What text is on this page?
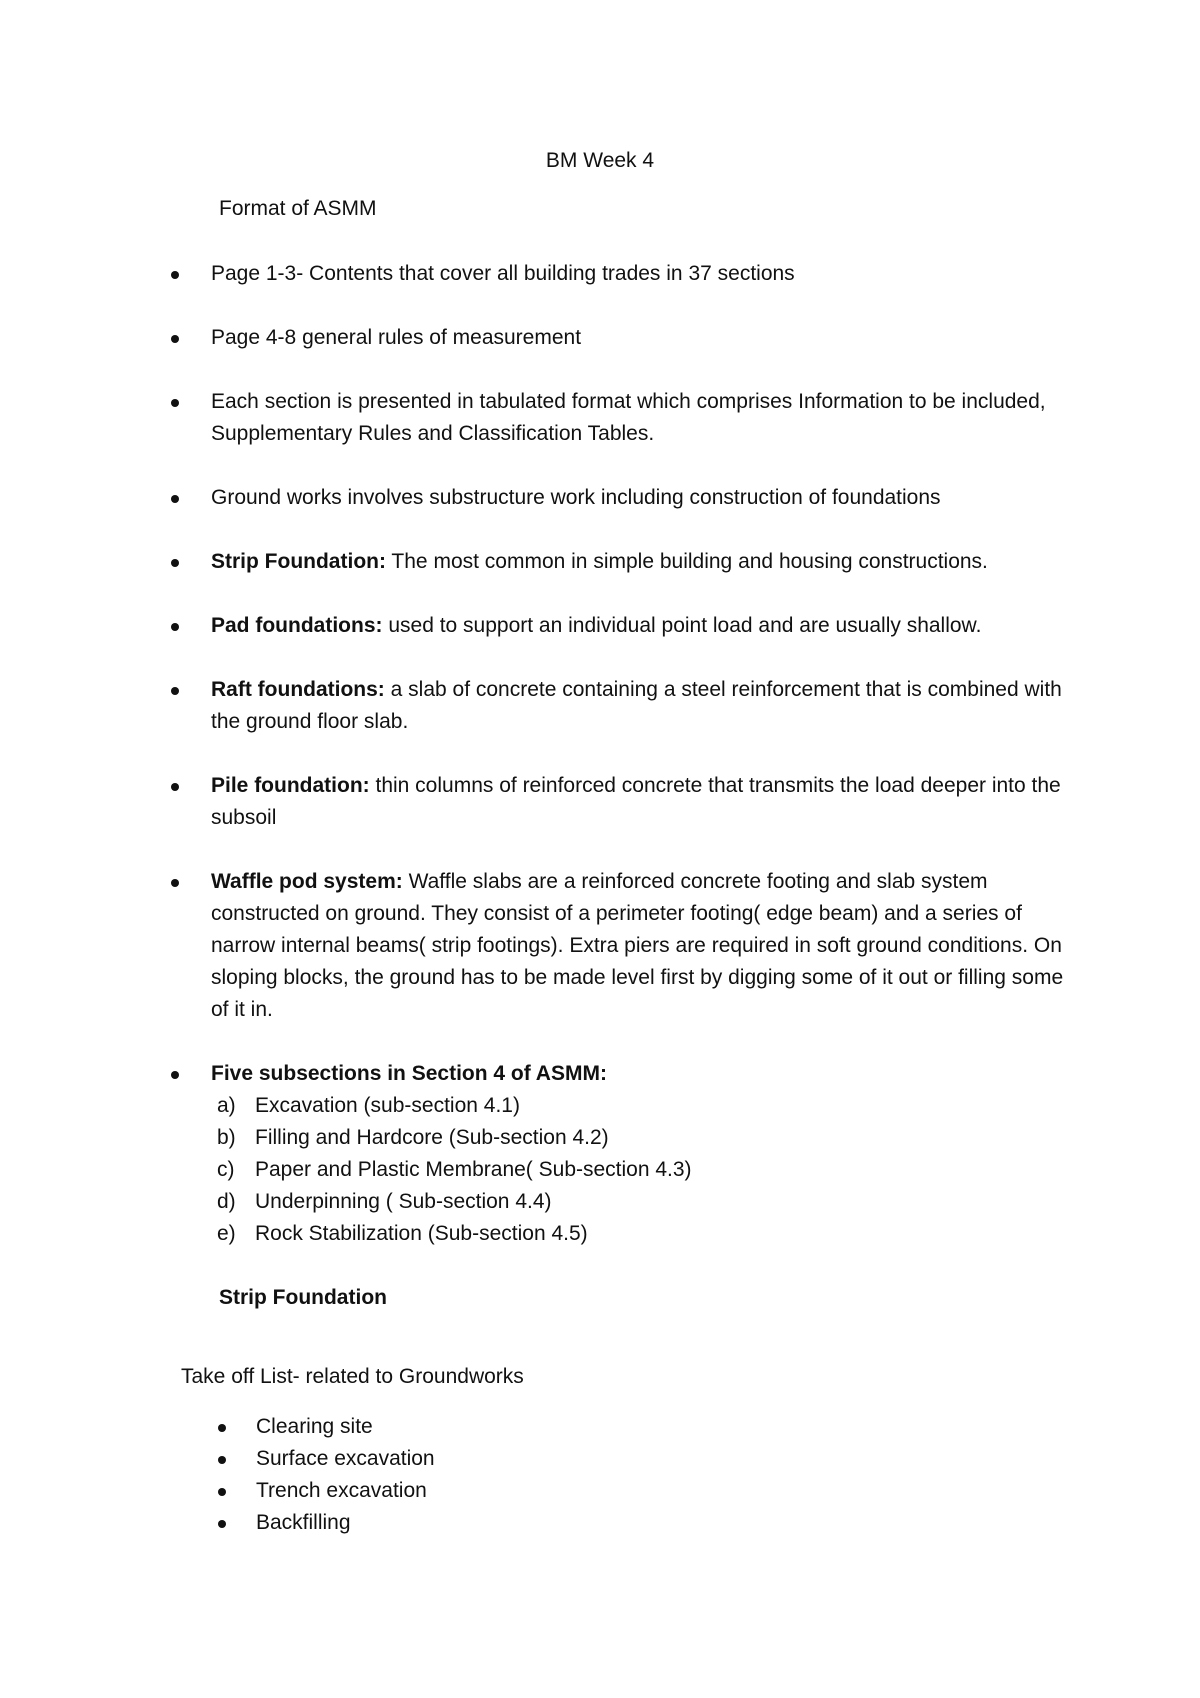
BM Week 4
Format of ASMM
Page 1-3- Contents that cover all building trades in 37 sections
Page 4-8 general rules of measurement
Each section is presented in tabulated format which comprises Information to be included, Supplementary Rules and Classification Tables.
Ground works involves substructure work including construction of foundations
Strip Foundation: The most common in simple building and housing constructions.
Pad foundations: used to support an individual point load and are usually shallow.
Raft foundations: a slab of concrete containing a steel reinforcement that is combined with the ground floor slab.
Pile foundation: thin columns of reinforced concrete that transmits the load deeper into the subsoil
Waffle pod system: Waffle slabs are a reinforced concrete footing and slab system constructed on ground. They consist of a perimeter footing( edge beam) and a series of narrow internal beams( strip footings). Extra piers are required in soft ground conditions. On sloping blocks, the ground has to be made level first by digging some of it out or filling some of it in.
Five subsections in Section 4 of ASMM:
a) Excavation (sub-section 4.1)
b) Filling and Hardcore (Sub-section 4.2)
c) Paper and Plastic Membrane( Sub-section 4.3)
d) Underpinning ( Sub-section 4.4)
e) Rock Stabilization (Sub-section 4.5)
Strip Foundation
Take off List- related to Groundworks
Clearing site
Surface excavation
Trench excavation
Backfilling
